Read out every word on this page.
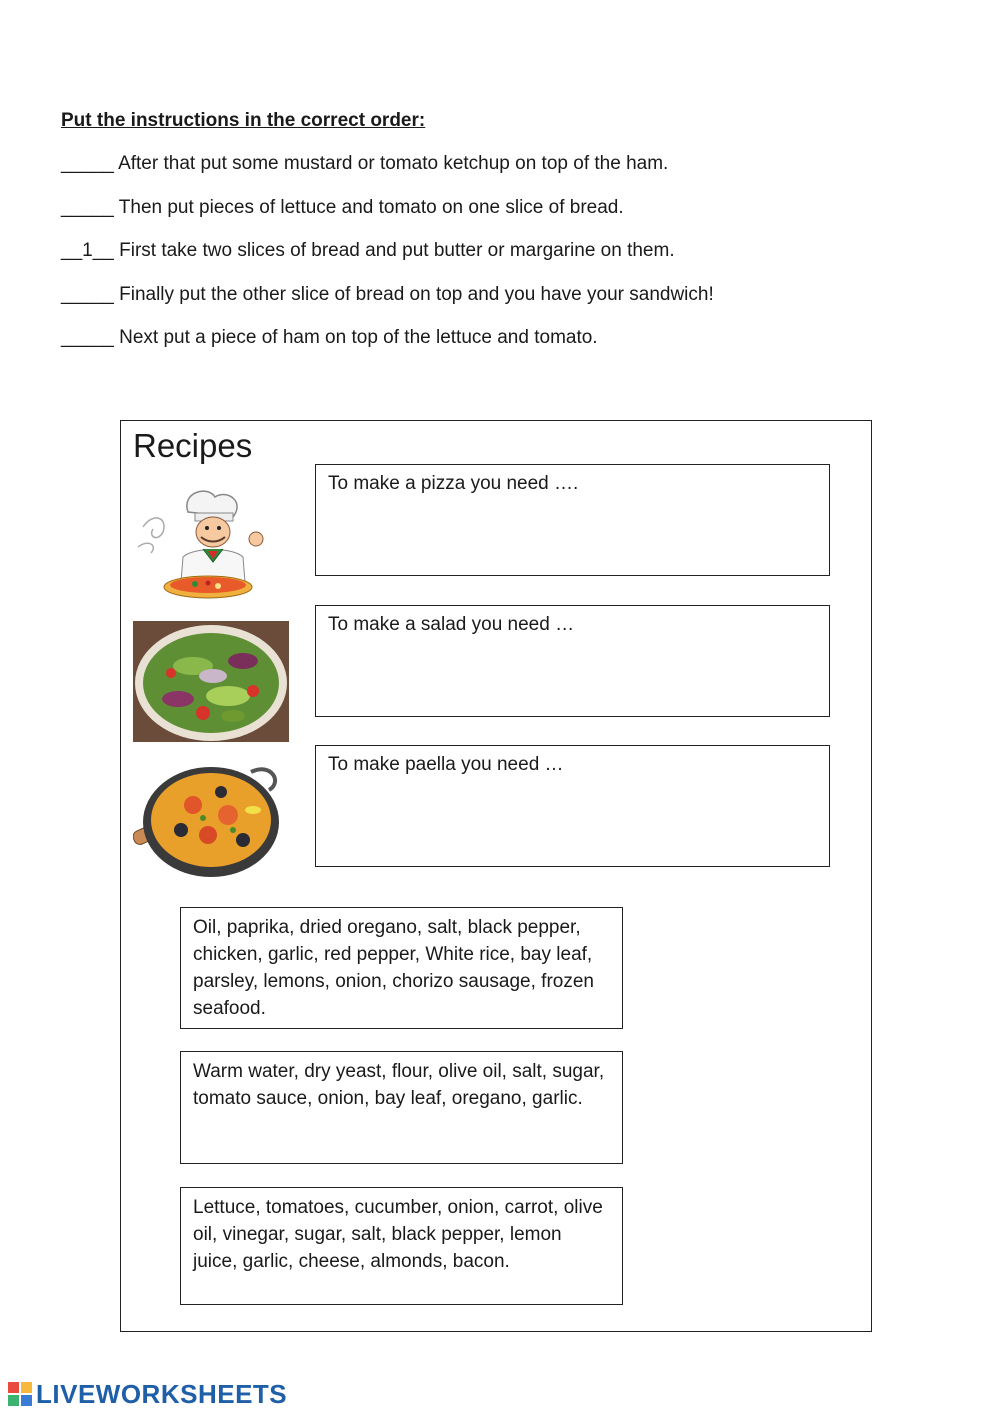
Put the instructions in the correct order:
_____ After that put some mustard or tomato ketchup on top of the ham.
_____ Then put pieces of lettuce and tomato on one slice of bread.
__1__ First take two slices of bread and put butter or margarine on them.
_____ Finally put the other slice of bread on top and you have your sandwich!
_____ Next put a piece of ham on top of the lettuce and tomato.
Recipes
To make a pizza you need ….
To make a salad you need …
To make paella you need …
Oil, paprika, dried oregano, salt, black pepper, chicken, garlic, red pepper, White rice, bay leaf, parsley, lemons, onion, chorizo sausage, frozen seafood.
Warm water, dry yeast, flour, olive oil, salt, sugar, tomato sauce, onion, bay leaf, oregano, garlic.
Lettuce, tomatoes, cucumber, onion, carrot, olive oil, vinegar, sugar, salt, black pepper, lemon juice, garlic, cheese, almonds, bacon.
LIVEWORKSHEETS
